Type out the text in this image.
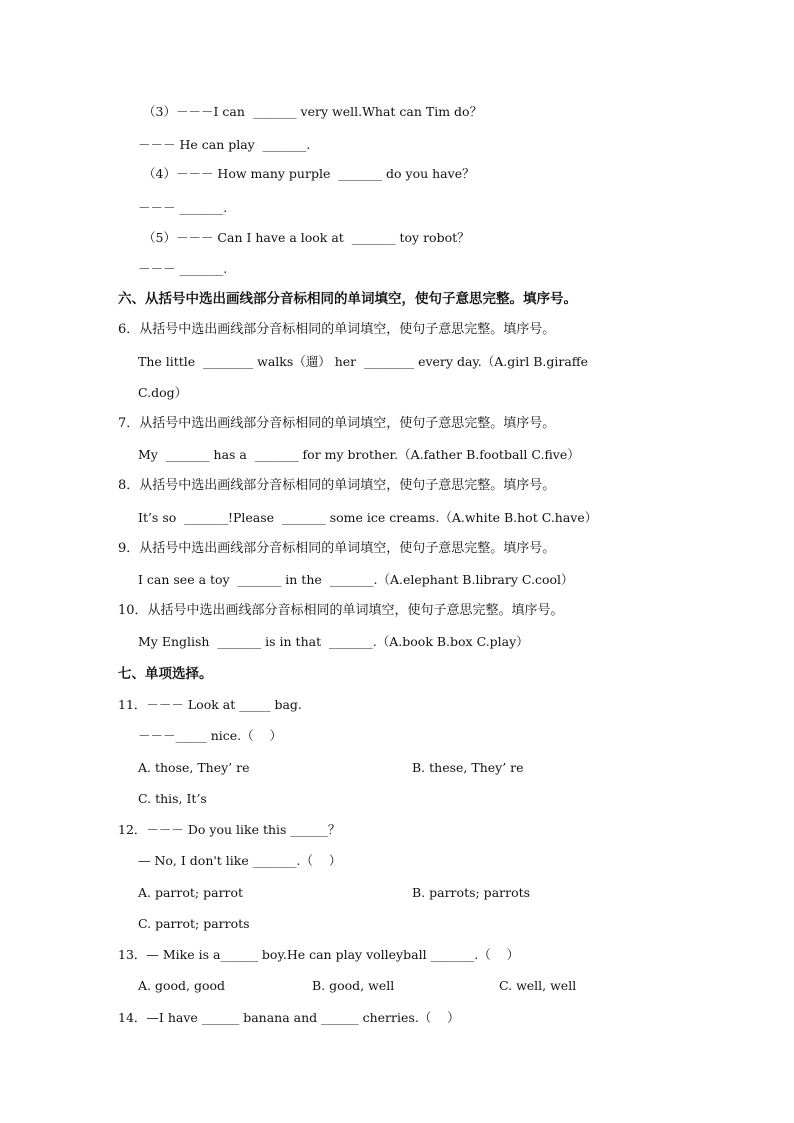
（3）－－－I can  _______ very well.What can Tim do？
－－－ He can play  _______.
（4）－－－ How many purple  _______ do you have？
－－－ _______.
（5）－－－ Can I have a look at  _______ toy robot？
－－－ _______.
六、从括号中选出画线部分音标相同的单词填空，使句子意思完整。填序号。
6．从括号中选出画线部分音标相同的单词填空，使句子意思完整。填序号。
The little  ________ walks（遛） her  ________ every day.（A.girl B.giraffe
C.dog）
7．从括号中选出画线部分音标相同的单词填空，使句子意思完整。填序号。
My  _______ has a  _______ for my brother.（A.father B.football C.five）
8．从括号中选出画线部分音标相同的单词填空，使句子意思完整。填序号。
It’s so  _______!Please  _______ some ice creams.（A.white B.hot C.have）
9．从括号中选出画线部分音标相同的单词填空，使句子意思完整。填序号。
I can see a toy  _______ in the  _______.（A.elephant B.library C.cool）
10．从括号中选出画线部分音标相同的单词填空，使句子意思完整。填序号。
My English  _______ is in that  _______.（A.book B.box C.play）
七、单项选择。
11．－－－ Look at _____ bag.
－－－_____ nice.（    ）
A. those, They’ re	B. these, They’ re
C. this, It’s
12．－－－ Do you like this ______？
— No, I don't like _______.（    ）
A. parrot; parrot	B. parrots; parrots
C. parrot; parrots
13．— Mike is a______ boy.He can play volleyball _______.（    ）
A. good, good	B. good, well	C. well, well
14．—I have ______ banana and ______ cherries.（    ）
